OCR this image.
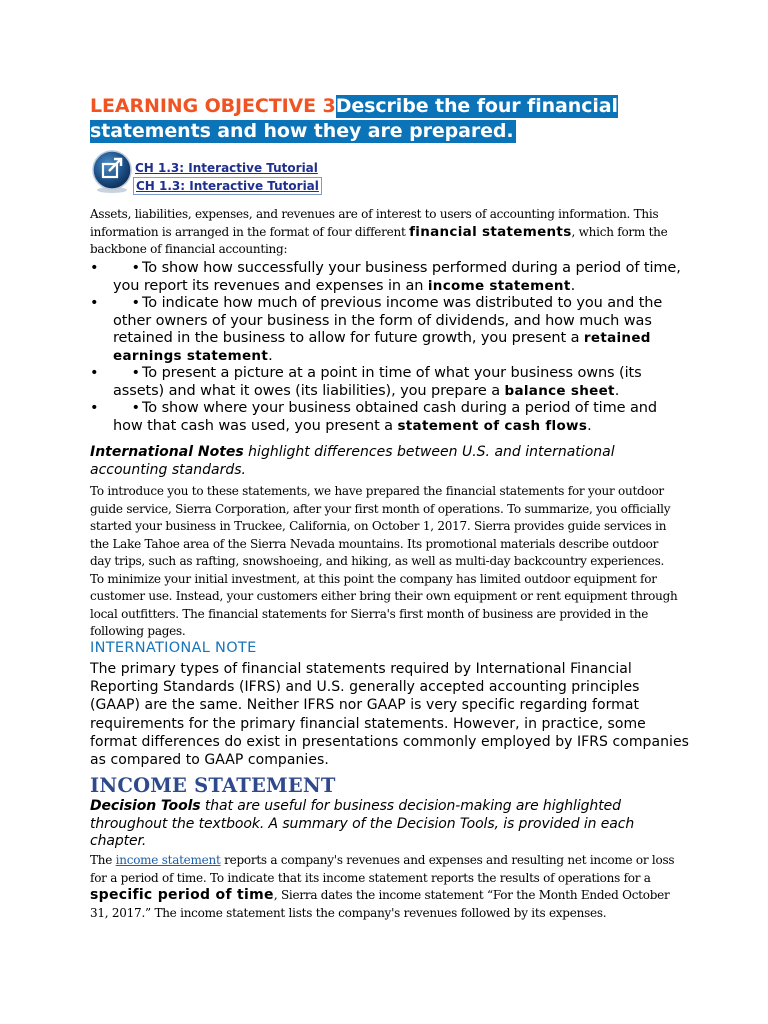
LEARNING OBJECTIVE 3Describe the four financial statements and how they are prepared.
CH 1.3: Interactive Tutorial
CH 1.3: Interactive Tutorial
Assets, liabilities, expenses, and revenues are of interest to users of accounting information. This information is arranged in the format of four different financial statements, which form the backbone of financial accounting:

• • To show how successfully your business performed during a period of time, you report its revenues and expenses in an income statement.

• • To indicate how much of previous income was distributed to you and the other owners of your business in the form of dividends, and how much was retained in the business to allow for future growth, you present a retained earnings statement.

• • To present a picture at a point in time of what your business owns (its assets) and what it owes (its liabilities), you prepare a balance sheet.

• • To show where your business obtained cash during a period of time and how that cash was used, you present a statement of cash flows.

International Notes highlight differences between U.S. and international accounting standards.
To introduce you to these statements, we have prepared the financial statements for your outdoor guide service, Sierra Corporation, after your first month of operations. To summarize, you officially started your business in Truckee, California, on October 1, 2017. Sierra provides guide services in the Lake Tahoe area of the Sierra Nevada mountains. Its promotional materials describe outdoor day trips, such as rafting, snowshoeing, and hiking, as well as multi-day backcountry experiences. To minimize your initial investment, at this point the company has limited outdoor equipment for customer use. Instead, your customers either bring their own equipment or rent equipment through local outfitters. The financial statements for Sierra's first month of business are provided in the following pages.
INTERNATIONAL NOTE
The primary types of financial statements required by International Financial Reporting Standards (IFRS) and U.S. generally accepted accounting principles (GAAP) are the same. Neither IFRS nor GAAP is very specific regarding format requirements for the primary financial statements. However, in practice, some format differences do exist in presentations commonly employed by IFRS companies as compared to GAAP companies.
INCOME STATEMENT
Decision Tools that are useful for business decision-making are highlighted throughout the textbook. A summary of the Decision Tools, is provided in each chapter.
The income statement reports a company's revenues and expenses and resulting net income or loss for a period of time. To indicate that its income statement reports the results of operations for a specific period of time, Sierra dates the income statement “For the Month Ended October 31, 2017.” The income statement lists the company's revenues followed by its expenses.
